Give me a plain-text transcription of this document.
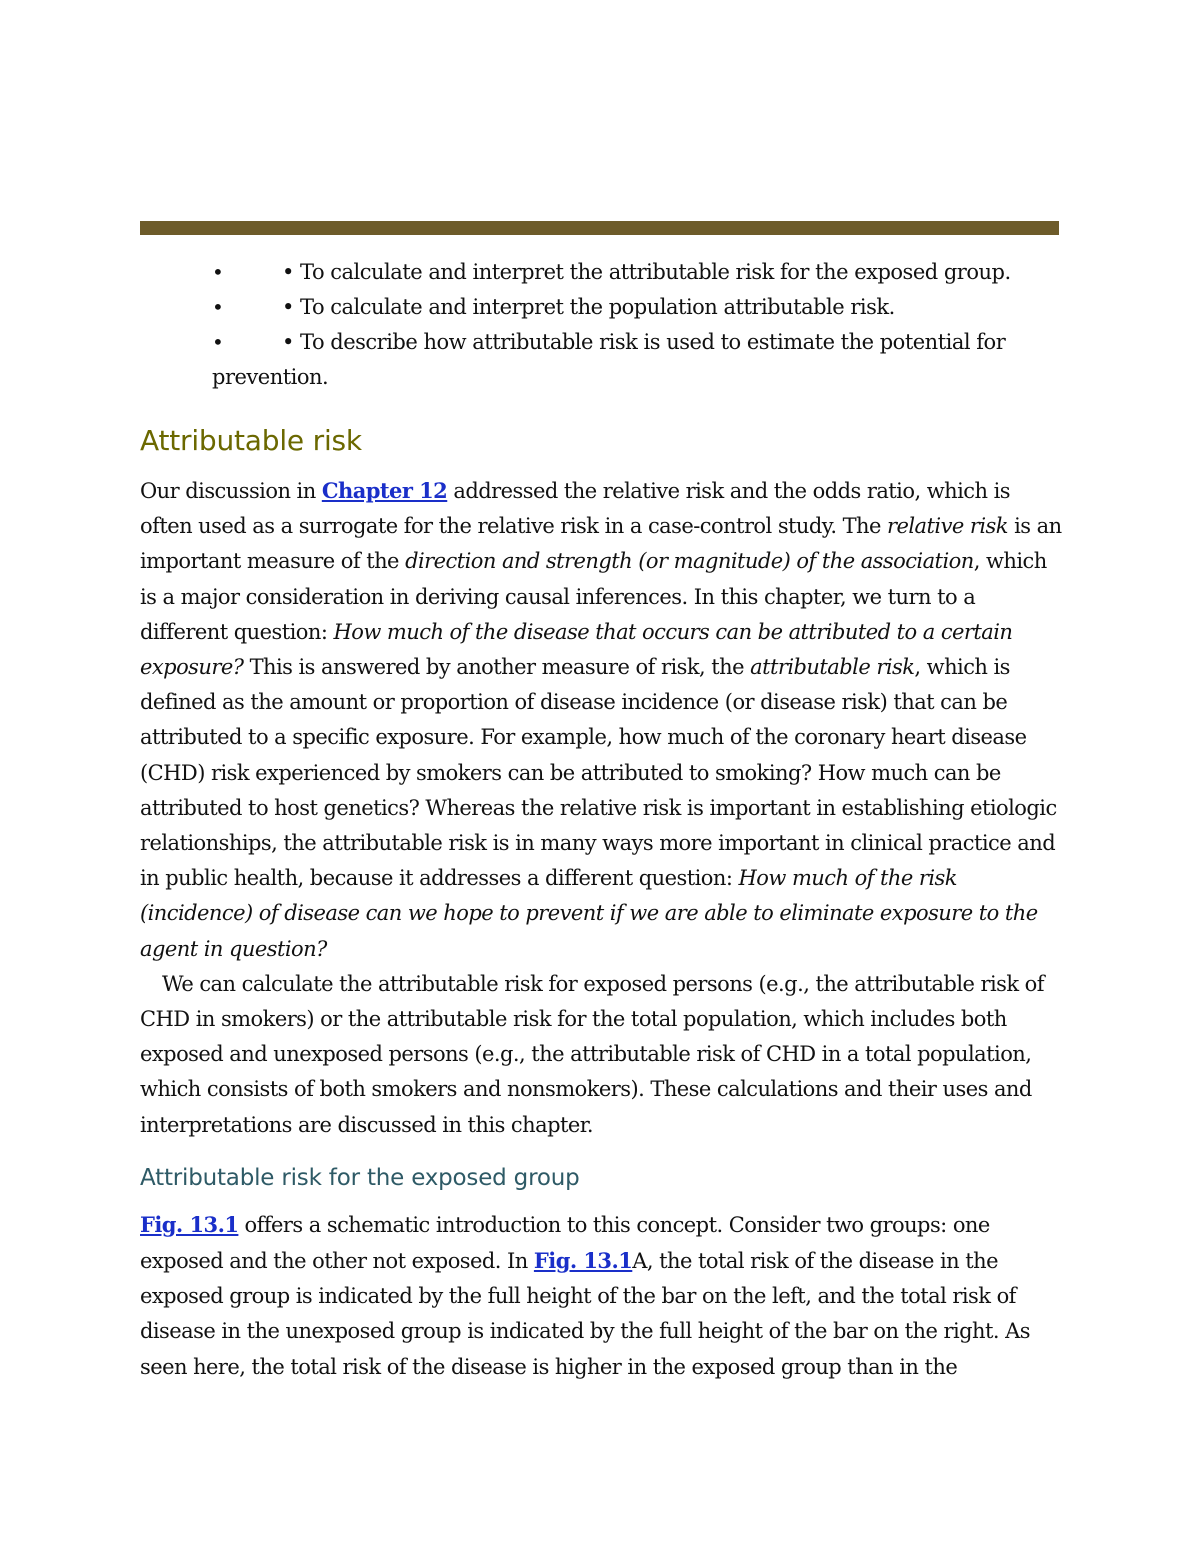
•	• To calculate and interpret the attributable risk for the exposed group.
•	• To calculate and interpret the population attributable risk.
•	• To describe how attributable risk is used to estimate the potential for prevention.
Attributable risk

Our discussion in Chapter 12 addressed the relative risk and the odds ratio, which is often used as a surrogate for the relative risk in a case-control study. The relative risk is an important measure of the direction and strength (or magnitude) of the association, which is a major consideration in deriving causal inferences. In this chapter, we turn to a different question: How much of the disease that occurs can be attributed to a certain exposure? This is answered by another measure of risk, the attributable risk, which is defined as the amount or proportion of disease incidence (or disease risk) that can be attributed to a specific exposure. For example, how much of the coronary heart disease (CHD) risk experienced by smokers can be attributed to smoking? How much can be attributed to host genetics? Whereas the relative risk is important in establishing etiologic relationships, the attributable risk is in many ways more important in clinical practice and in public health, because it addresses a different question: How much of the risk (incidence) of disease can we hope to prevent if we are able to eliminate exposure to the agent in question?

We can calculate the attributable risk for exposed persons (e.g., the attributable risk of CHD in smokers) or the attributable risk for the total population, which includes both exposed and unexposed persons (e.g., the attributable risk of CHD in a total population, which consists of both smokers and nonsmokers). These calculations and their uses and interpretations are discussed in this chapter.

Attributable risk for the exposed group

Fig. 13.1 offers a schematic introduction to this concept. Consider two groups: one exposed and the other not exposed. In Fig. 13.1A, the total risk of the disease in the exposed group is indicated by the full height of the bar on the left, and the total risk of disease in the unexposed group is indicated by the full height of the bar on the right. As seen here, the total risk of the disease is higher in the exposed group than in the
